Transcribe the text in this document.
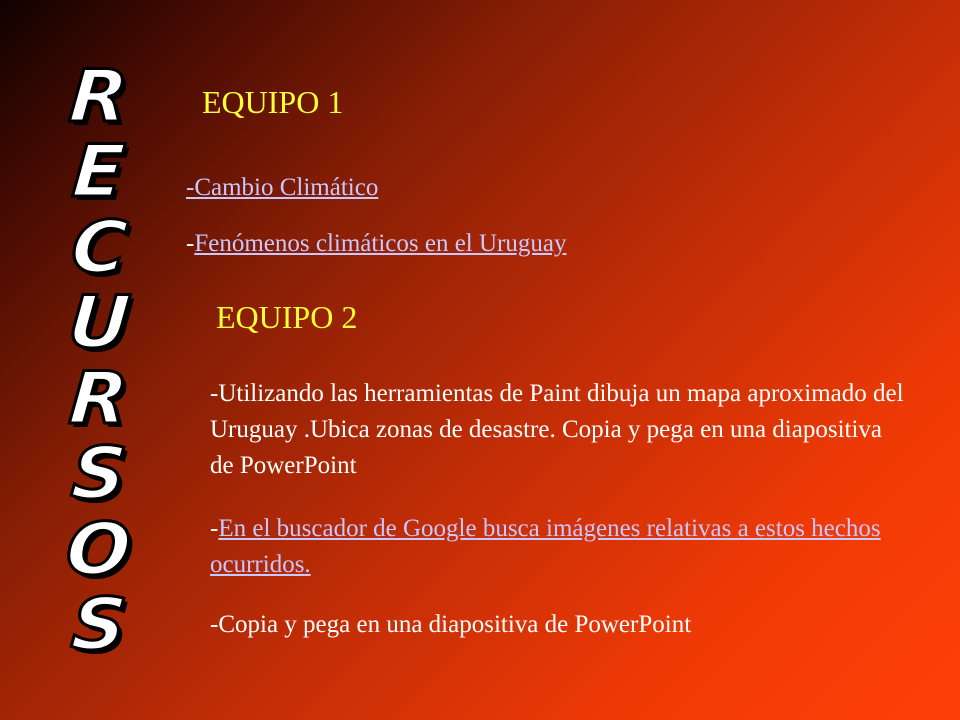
R
E
C
U
R
S
O
S
EQUIPO 1

-Cambio Climático

-Fenómenos climáticos en el Uruguay

EQUIPO 2

-Utilizando las herramientas de Paint dibuja un mapa aproximado del Uruguay .Ubica zonas de desastre. Copia y pega en una diapositiva de PowerPoint

-En el buscador de Google busca imágenes relativas a estos hechos ocurridos.

-Copia y pega en una diapositiva de PowerPoint
